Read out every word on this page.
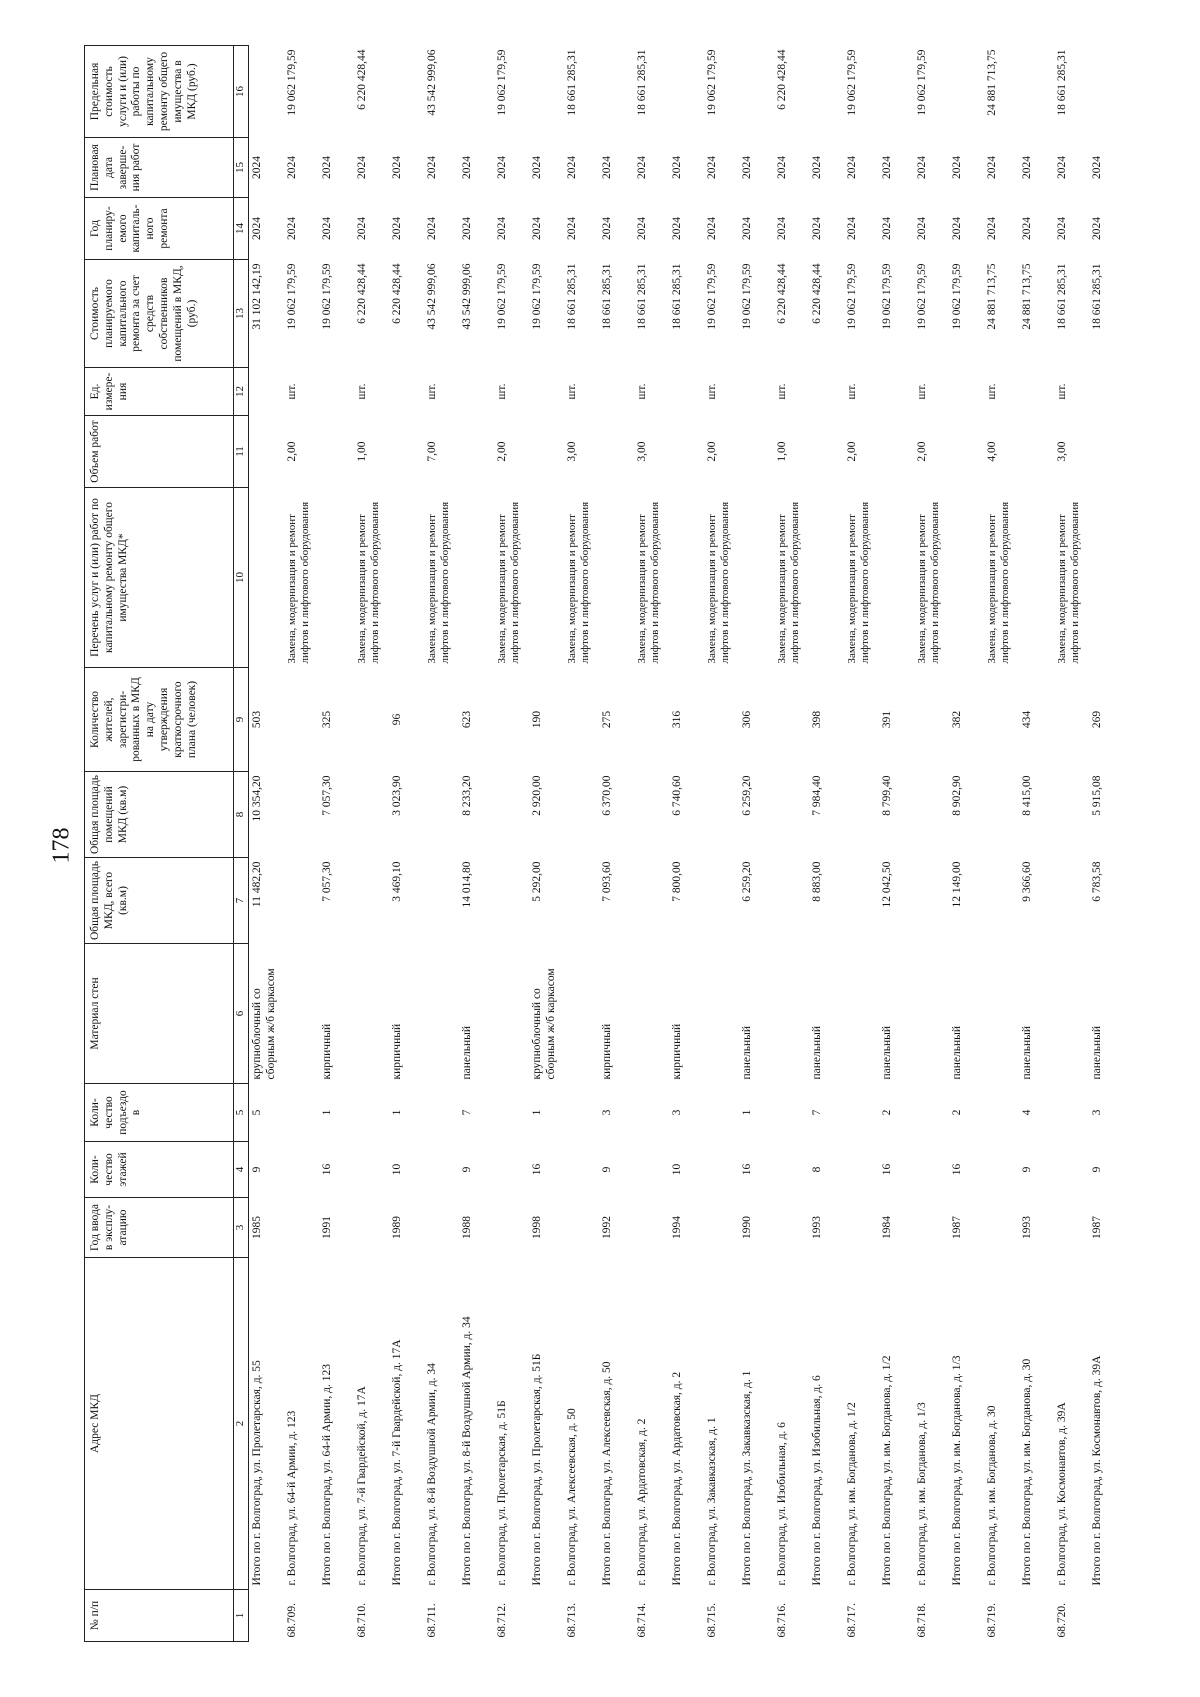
178
№ п/п	Адрес МКД	Год ввода в эксплу-атацию	Коли-чество этажей	Коли-чество подъездо в	Материал стен	Общая площадь МКД, всего (кв.м)	Общая площадь помещений МКД (кв.м)	Количество жителей, зарегистри-рованных в МКД на дату утверждения краткосрочного плана (человек)	Перечень услуг и (или) работ по капитальному ремонту общего имущества МКД*	Объем работ	Ед. измере-ния	Стоимость планируемого капитального ремонта за счет средств собственников помещений в МКД, (руб.)	Год планиру-емого капиталь-ного ремонта	Плановая дата заверше-ния работ	Предельная стоимость услуги и (или) работы по капитальному ремонту общего имущества в МКД (руб.)
1	2	3	4	5	6	7	8	9	10	11	12	13	14	15	16
	Итого по г. Волгоград, ул. Пролетарская, д. 55	1985	9	5	крупноблочный со сборным ж/б каркасом	11 482,20	10 354,20	503				31 102 142,19	2024	2024	
68.709.	г. Волгоград, ул. 64-й Армии, д. 123								Замена, модернизация и ремонт лифтов и лифтового оборудования	2,00	шт.	19 062 179,59	2024	2024	19 062 179,59
	Итого по г. Волгоград, ул. 64-й Армии, д. 123	1991	16	1	кирпичный	7 057,30	7 057,30	325				19 062 179,59	2024	2024	
68.710.	г. Волгоград, ул. 7-й Гвардейской, д. 17А								Замена, модернизация и ремонт лифтов и лифтового оборудования	1,00	шт.	6 220 428,44	2024	2024	6 220 428,44
	Итого по г. Волгоград, ул. 7-й Гвардейской, д. 17А	1989	10	1	кирпичный	3 469,10	3 023,90	96				6 220 428,44	2024	2024	
68.711.	г. Волгоград, ул. 8-й Воздушной Армии, д. 34								Замена, модернизация и ремонт лифтов и лифтового оборудования	7,00	шт.	43 542 999,06	2024	2024	43 542 999,06
	Итого по г. Волгоград, ул. 8-й Воздушной Армии, д. 34	1988	9	7	панельный	14 014,80	8 233,20	623				43 542 999,06	2024	2024	
68.712.	г. Волгоград, ул. Пролетарская, д. 51Б								Замена, модернизация и ремонт лифтов и лифтового оборудования	2,00	шт.	19 062 179,59	2024	2024	19 062 179,59
	Итого по г. Волгоград, ул. Пролетарская, д. 51Б	1998	16	1	крупноблочный со сборным ж/б каркасом	5 292,00	2 920,00	190				19 062 179,59	2024	2024	
68.713.	г. Волгоград, ул. Алексеевская, д. 50								Замена, модернизация и ремонт лифтов и лифтового оборудования	3,00	шт.	18 661 285,31	2024	2024	18 661 285,31
	Итого по г. Волгоград, ул. Алексеевская, д. 50	1992	9	3	кирпичный	7 093,60	6 370,00	275				18 661 285,31	2024	2024	
68.714.	г. Волгоград, ул. Ардатовская, д. 2								Замена, модернизация и ремонт лифтов и лифтового оборудования	3,00	шт.	18 661 285,31	2024	2024	18 661 285,31
	Итого по г. Волгоград, ул. Ардатовская, д. 2	1994	10	3	кирпичный	7 800,00	6 740,60	316				18 661 285,31	2024	2024	
68.715.	г. Волгоград, ул. Закавказская, д. 1								Замена, модернизация и ремонт лифтов и лифтового оборудования	2,00	шт.	19 062 179,59	2024	2024	19 062 179,59
	Итого по г. Волгоград, ул. Закавказская, д. 1	1990	16	1	панельный	6 259,20	6 259,20	306				19 062 179,59	2024	2024	
68.716.	г. Волгоград, ул. Изобильная, д. 6								Замена, модернизация и ремонт лифтов и лифтового оборудования	1,00	шт.	6 220 428,44	2024	2024	6 220 428,44
	Итого по г. Волгоград, ул. Изобильная, д. 6	1993	8	7	панельный	8 883,00	7 984,40	398				6 220 428,44	2024	2024	
68.717.	г. Волгоград, ул. им. Богданова, д. 1/2								Замена, модернизация и ремонт лифтов и лифтового оборудования	2,00	шт.	19 062 179,59	2024	2024	19 062 179,59
	Итого по г. Волгоград, ул. им. Богданова, д. 1/2	1984	16	2	панельный	12 042,50	8 799,40	391				19 062 179,59	2024	2024	
68.718.	г. Волгоград, ул. им. Богданова, д. 1/3								Замена, модернизация и ремонт лифтов и лифтового оборудования	2,00	шт.	19 062 179,59	2024	2024	19 062 179,59
	Итого по г. Волгоград, ул. им. Богданова, д. 1/3	1987	16	2	панельный	12 149,00	8 902,90	382				19 062 179,59	2024	2024	
68.719.	г. Волгоград, ул. им. Богданова, д. 30								Замена, модернизация и ремонт лифтов и лифтового оборудования	4,00	шт.	24 881 713,75	2024	2024	24 881 713,75
	Итого по г. Волгоград, ул. им. Богданова, д. 30	1993	9	4	панельный	9 366,60	8 415,00	434				24 881 713,75	2024	2024	
68.720.	г. Волгоград, ул. Космонавтов, д. 39А								Замена, модернизация и ремонт лифтов и лифтового оборудования	3,00	шт.	18 661 285,31	2024	2024	18 661 285,31
	Итого по г. Волгоград, ул. Космонавтов, д. 39А	1987	9	3	панельный	6 783,58	5 915,08	269				18 661 285,31	2024	2024	
